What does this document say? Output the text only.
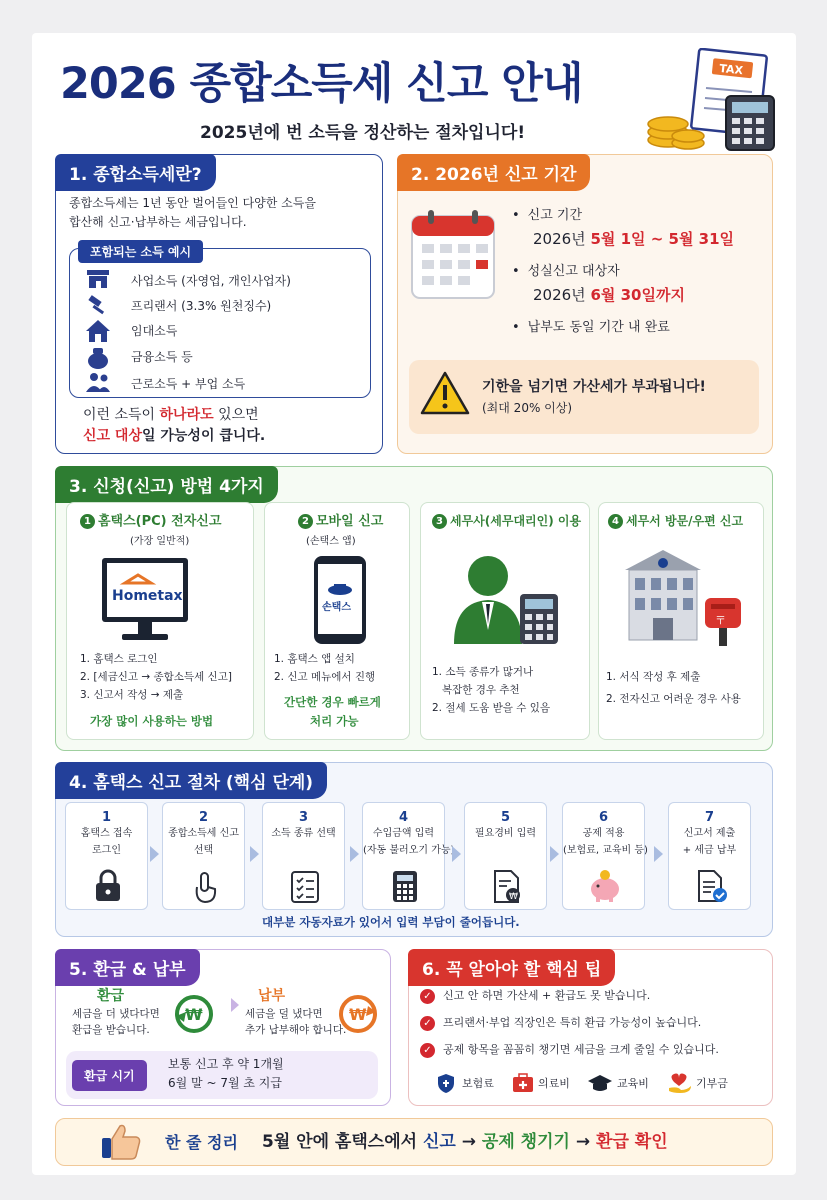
2026 종합소득세 신고 안내
2025년에 번 소득을 정산하는 절차입니다!
TAX
1. 종합소득세란?
종합소득세는 1년 동안 벌어들인 다양한 소득을
합산해 신고·납부하는 세금입니다.
포함되는 소득 예시
사업소득 (자영업, 개인사업자)
프리랜서 (3.3% 원천징수)
임대소득
금융소득 등
근로소득 + 부업 소득
이런 소득이 하나라도 있으면
신고 대상일 가능성이 큽니다.
2. 2026년 신고 기간
• 신고 기간
2026년 5월 1일 ~ 5월 31일
• 성실신고 대상자
2026년 6월 30일까지
• 납부도 동일 기간 내 완료
기한을 넘기면 가산세가 부과됩니다!
(최대 20% 이상)
3. 신청(신고) 방법 4가지
1 홈택스(PC) 전자신고
(가장 일반적)
Hometax
1. 홈택스 로그인
2. [세금신고 → 종합소득세 신고]
3. 신고서 작성 → 제출
가장 많이 사용하는 방법
2 모바일 신고
(손택스 앱)
손택스
1. 홈택스 앱 설치
2. 신고 메뉴에서 진행
간단한 경우 빠르게
처리 가능
3 세무사(세무대리인) 이용
1. 소득 종류가 많거나
복잡한 경우 추천
2. 절세 도움 받을 수 있음
4 세무서 방문/우편 신고
〒
1. 서식 작성 후 제출
2. 전자신고 어려운 경우 사용
4. 홈택스 신고 절차 (핵심 단계)
1
홈택스 접속
로그인
2
종합소득세 신고
선택
3
소득 종류 선택
4
수입금액 입력
(자동 불러오기 가능)
5
필요경비 입력
₩
6
공제 적용
(보험료, 교육비 등)
7
신고서 제출
+ 세금 납부
대부분 자동자료가 있어서 입력 부담이 줄어듭니다.
5. 환급 & 납부
환급
세금을 더 냈다다면
환급을 받습니다.
₩
납부
세금을 덜 냈다면
추가 납부해야 합니다.
₩
환급 시기
보통 신고 후 약 1개월
6월 말 ~ 7월 초 지급
6. 꼭 알아야 할 핵심 팁
✓ 신고 안 하면 가산세 + 환급도 못 받습니다.
✓ 프리랜서·부업 직장인은 특히 환급 가능성이 높습니다.
✓ 공제 항목을 꼼꼼히 챙기면 세금을 크게 줄일 수 있습니다.
보험료	의료비	교육비	기부금
한 줄 정리 5월 안에 홈택스에서 신고 → 공제 챙기기 → 환급 확인
